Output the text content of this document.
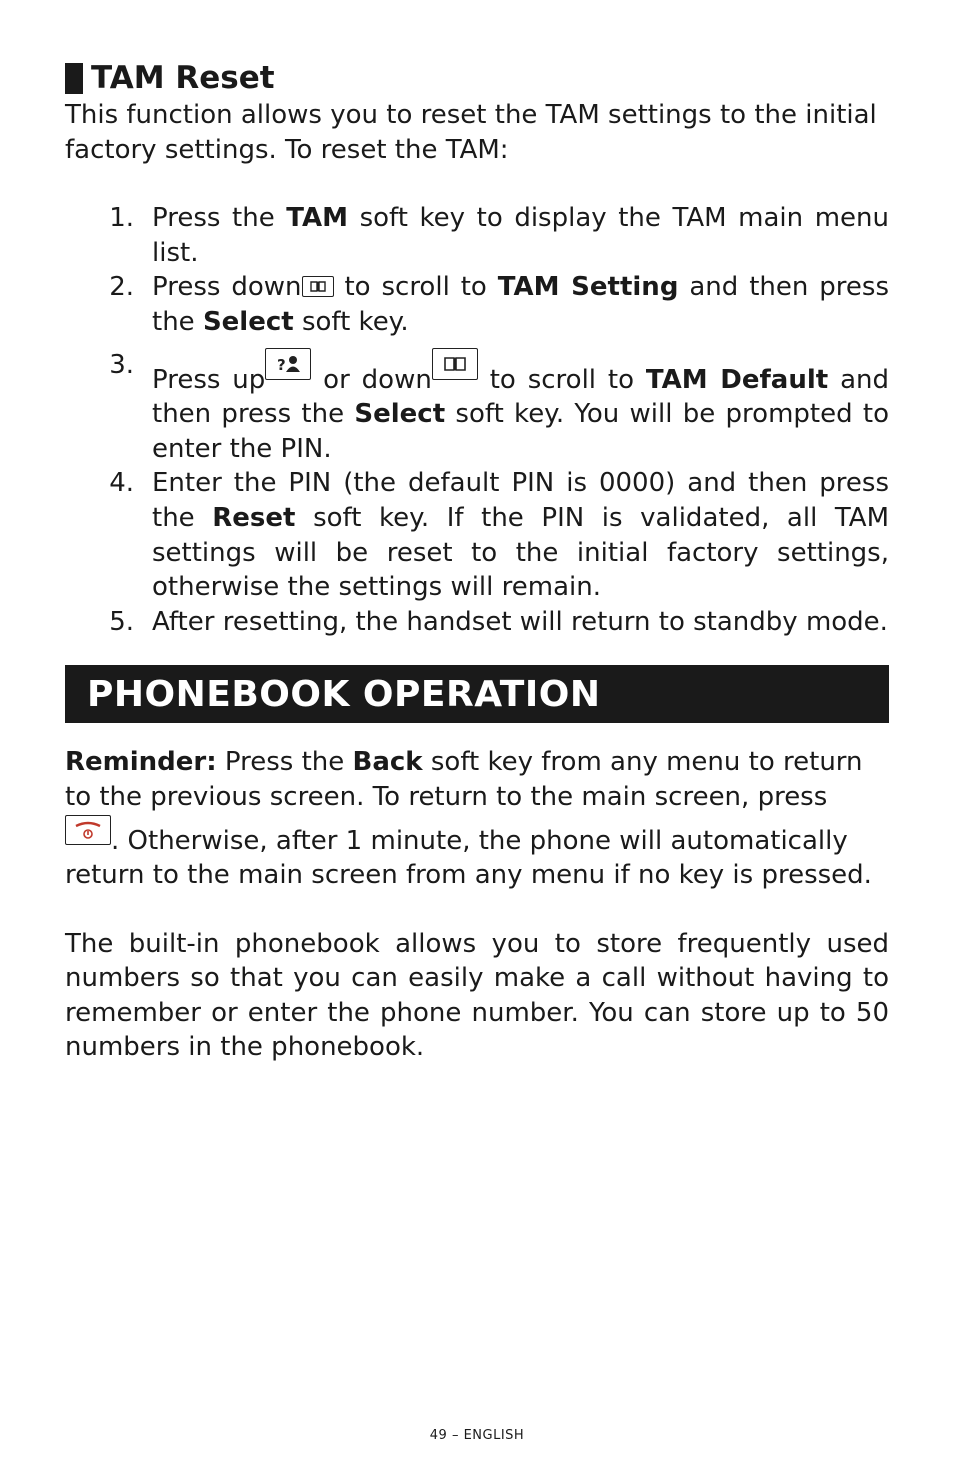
TAM Reset

This function allows you to reset the TAM settings to the initial factory settings. To reset the TAM:

1. Press the TAM soft key to display the TAM main menu list.
2. Press down
to scroll to TAM Setting and then press the Select soft key.
3. Press up ? or down
to scroll to TAM Default and then press the Select soft key. You will be prompted to enter the PIN.
4. Enter the PIN (the default PIN is 0000) and then press the Reset soft key. If the PIN is validated, all TAM settings will be reset to the initial factory settings, otherwise the settings will remain.
5. After resetting, the handset will return to standby mode.
PHONEBOOK OPERATION

Reminder: Press the Back soft key from any menu to return to the previous screen. To return to the main screen, press

. Otherwise, after 1 minute, the phone will automatically return to the main screen from any menu if no key is pressed.

The built-in phonebook allows you to store frequently used numbers so that you can easily make a call without having to remember or enter the phone number. You can store up to 50 numbers in the phonebook.

49 – ENGLISH
